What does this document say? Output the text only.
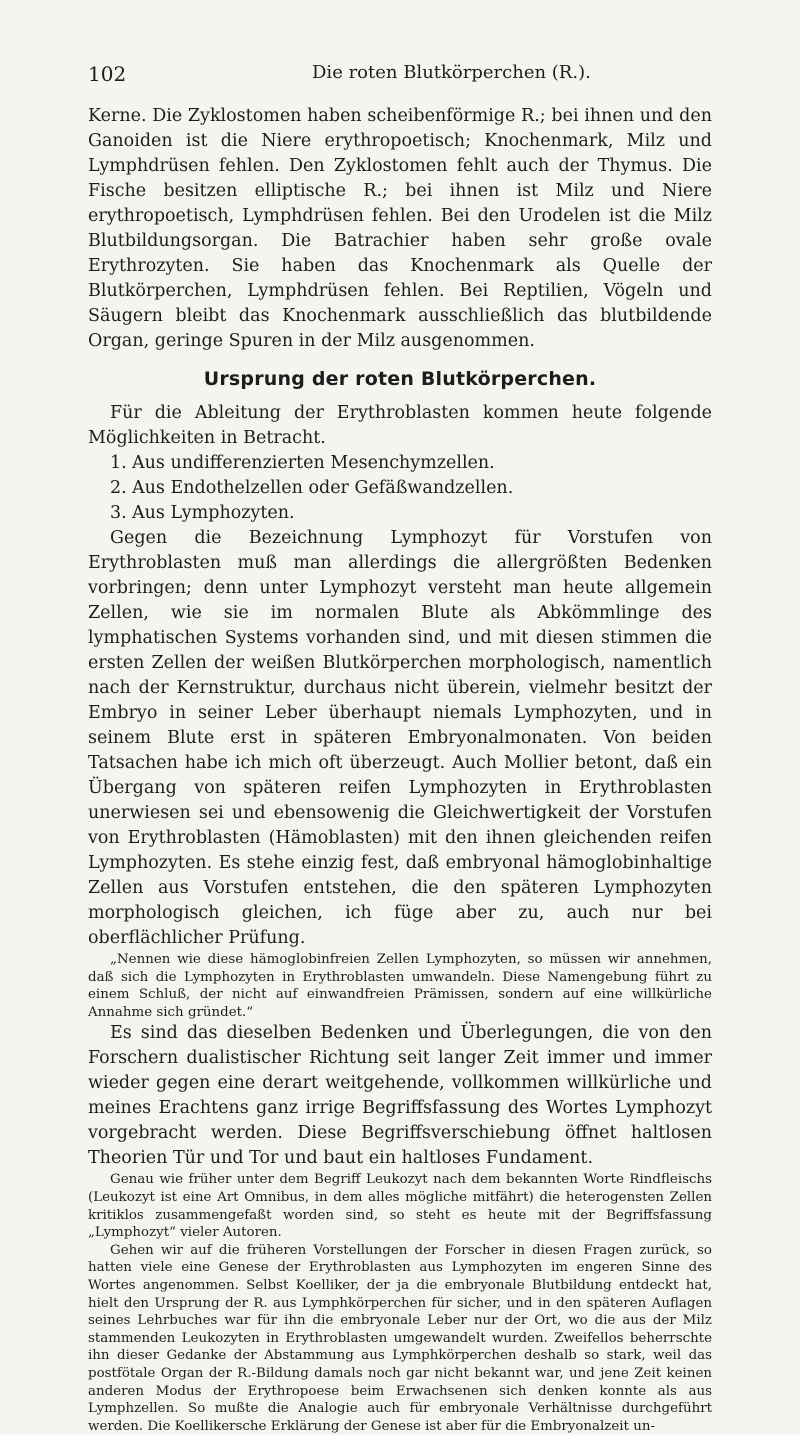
102	Die roten Blutkörperchen (R.).

Kerne. Die Zyklostomen haben scheibenförmige R.; bei ihnen und den Ganoiden ist die Niere erythropoetisch; Knochenmark, Milz und Lymphdrüsen fehlen. Den Zyklostomen fehlt auch der Thymus. Die Fische besitzen elliptische R.; bei ihnen ist Milz und Niere erythropoetisch, Lymphdrüsen fehlen. Bei den Urodelen ist die Milz Blutbildungsorgan. Die Batrachier haben sehr große ovale Erythrozyten. Sie haben das Knochenmark als Quelle der Blutkörperchen, Lymphdrüsen fehlen. Bei Reptilien, Vögeln und Säugern bleibt das Knochenmark ausschließlich das blutbildende Organ, geringe Spuren in der Milz ausgenommen.

Ursprung der roten Blutkörperchen.

Für die Ableitung der Erythroblasten kommen heute folgende Möglichkeiten in Betracht.

1. Aus undifferenzierten Mesenchymzellen.
2. Aus Endothelzellen oder Gefäßwandzellen.
3. Aus Lymphozyten.

Gegen die Bezeichnung Lymphozyt für Vorstufen von Erythroblasten muß man allerdings die allergrößten Bedenken vorbringen; denn unter Lymphozyt versteht man heute allgemein Zellen, wie sie im normalen Blute als Abkömmlinge des lymphatischen Systems vorhanden sind, und mit diesen stimmen die ersten Zellen der weißen Blutkörperchen morphologisch, namentlich nach der Kernstruktur, durchaus nicht überein, vielmehr besitzt der Embryo in seiner Leber überhaupt niemals Lymphozyten, und in seinem Blute erst in späteren Embryonalmonaten. Von beiden Tatsachen habe ich mich oft überzeugt. Auch Mollier betont, daß ein Übergang von späteren reifen Lymphozyten in Erythroblasten unerwiesen sei und ebensowenig die Gleichwertigkeit der Vorstufen von Erythroblasten (Hämoblasten) mit den ihnen gleichenden reifen Lymphozyten. Es stehe einzig fest, daß embryonal hämoglobinhaltige Zellen aus Vorstufen entstehen, die den späteren Lymphozyten morphologisch gleichen, ich füge aber zu, auch nur bei oberflächlicher Prüfung.

„Nennen wie diese hämoglobinfreien Zellen Lymphozyten, so müssen wir annehmen, daß sich die Lymphozyten in Erythroblasten umwandeln. Diese Namengebung führt zu einem Schluß, der nicht auf einwandfreien Prämissen, sondern auf eine willkürliche Annahme sich gründet.“

Es sind das dieselben Bedenken und Überlegungen, die von den Forschern dualistischer Richtung seit langer Zeit immer und immer wieder gegen eine derart weitgehende, vollkommen willkürliche und meines Erachtens ganz irrige Begriffsfassung des Wortes Lymphozyt vorgebracht werden. Diese Begriffsverschiebung öffnet haltlosen Theorien Tür und Tor und baut ein haltloses Fundament.

Genau wie früher unter dem Begriff Leukozyt nach dem bekannten Worte Rindfleischs (Leukozyt ist eine Art Omnibus, in dem alles mögliche mitfährt) die heterogensten Zellen kritiklos zusammengefaßt worden sind, so steht es heute mit der Begriffsfassung „Lymphozyt“ vieler Autoren.

Gehen wir auf die früheren Vorstellungen der Forscher in diesen Fragen zurück, so hatten viele eine Genese der Erythroblasten aus Lymphozyten im engeren Sinne des Wortes angenommen. Selbst Koelliker, der ja die embryonale Blutbildung entdeckt hat, hielt den Ursprung der R. aus Lymphkörperchen für sicher, und in den späteren Auflagen seines Lehrbuches war für ihn die embryonale Leber nur der Ort, wo die aus der Milz stammenden Leukozyten in Erythroblasten umgewandelt wurden. Zweifellos beherrschte ihn dieser Gedanke der Abstammung aus Lymphkörperchen deshalb so stark, weil das postfötale Organ der R.-Bildung damals noch gar nicht bekannt war, und jene Zeit keinen anderen Modus der Erythropoese beim Erwachsenen sich denken konnte als aus Lymphzellen. So mußte die Analogie auch für embryonale Verhältnisse durchgeführt werden. Die Koellikersche Erklärung der Genese ist aber für die Embryonalzeit un-
